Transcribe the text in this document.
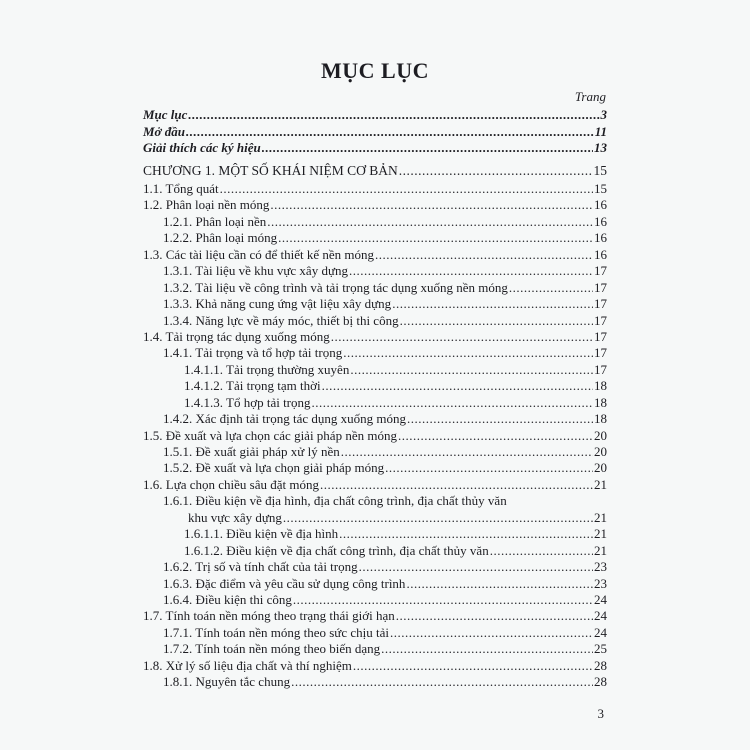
MỤC LỤC
Trang
Mục lục .....	3
Mở đầu .....	11
Giải thích các ký hiệu .....	13
CHƯƠNG 1. MỘT SỐ KHÁI NIỆM CƠ BẢN .....	15
1.1. Tổng quát .....	15
1.2. Phân loại nền móng .....	16
1.2.1. Phân loại nền .....	16
1.2.2. Phân loại móng .....	16
1.3. Các tài liệu cần có để thiết kế nền móng .....	16
1.3.1. Tài liệu về khu vực xây dựng .....	17
1.3.2. Tài liệu về công trình và tải trọng tác dụng xuống nền móng .....	17
1.3.3. Khả năng cung ứng vật liệu xây dựng .....	17
1.3.4. Năng lực về máy móc, thiết bị thi công .....	17
1.4. Tải trọng tác dụng xuống móng .....	17
1.4.1. Tải trọng và tổ hợp tải trọng .....	17
1.4.1.1. Tải trọng thường xuyên .....	17
1.4.1.2. Tải trọng tạm thời .....	18
1.4.1.3. Tổ hợp tải trọng .....	18
1.4.2. Xác định tải trọng tác dụng xuống móng .....	18
1.5. Đề xuất và lựa chọn các giải pháp nền móng .....	20
1.5.1. Đề xuất giải pháp xử lý nền .....	20
1.5.2. Đề xuất và lựa chọn giải pháp móng .....	20
1.6. Lựa chọn chiều sâu đặt móng .....	21
1.6.1. Điều kiện về địa hình, địa chất công trình, địa chất thủy văn
khu vực xây dựng .....	21
1.6.1.1. Điều kiện về địa hình .....	21
1.6.1.2. Điều kiện về địa chất công trình, địa chất thủy văn .....	21
1.6.2. Trị số và tính chất của tải trọng .....	23
1.6.3. Đặc điểm và yêu cầu sử dụng công trình .....	23
1.6.4. Điều kiện thi công .....	24
1.7. Tính toán nền móng theo trạng thái giới hạn .....	24
1.7.1. Tính toán nền móng theo sức chịu tải .....	24
1.7.2. Tính toán nền móng theo biến dạng .....	25
1.8. Xử lý số liệu địa chất và thí nghiệm .....	28
1.8.1. Nguyên tắc chung .....	28
3
